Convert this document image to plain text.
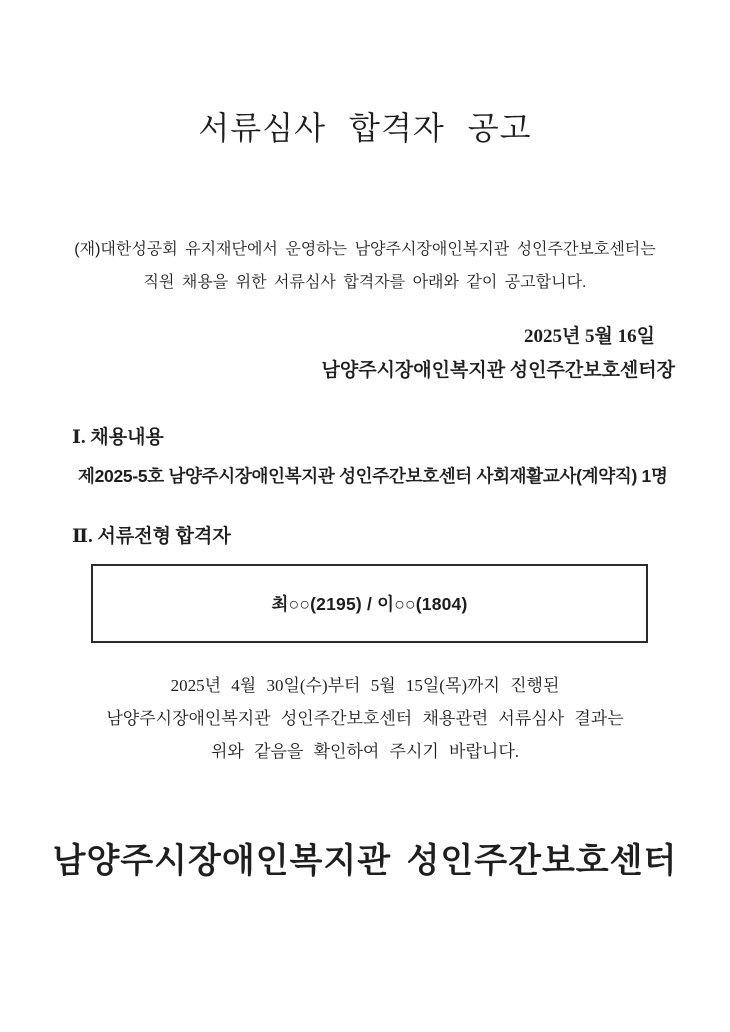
서류심사 합격자 공고
(재)대한성공회 유지재단에서 운영하는 남양주시장애인복지관 성인주간보호센터는
직원 채용을 위한 서류심사 합격자를 아래와 같이 공고합니다.
2025년 5월 16일
남양주시장애인복지관 성인주간보호센터장
Ⅰ. 채용내용
제2025-5호 남양주시장애인복지관 성인주간보호센터 사회재활교사(계약직) 1명
Ⅱ. 서류전형 합격자
최○○(2195) / 이○○(1804)
2025년 4월 30일(수)부터 5월 15일(목)까지 진행된
남양주시장애인복지관 성인주간보호센터 채용관련 서류심사 결과는
위와 같음을 확인하여 주시기 바랍니다.
남양주시장애인복지관 성인주간보호센터
